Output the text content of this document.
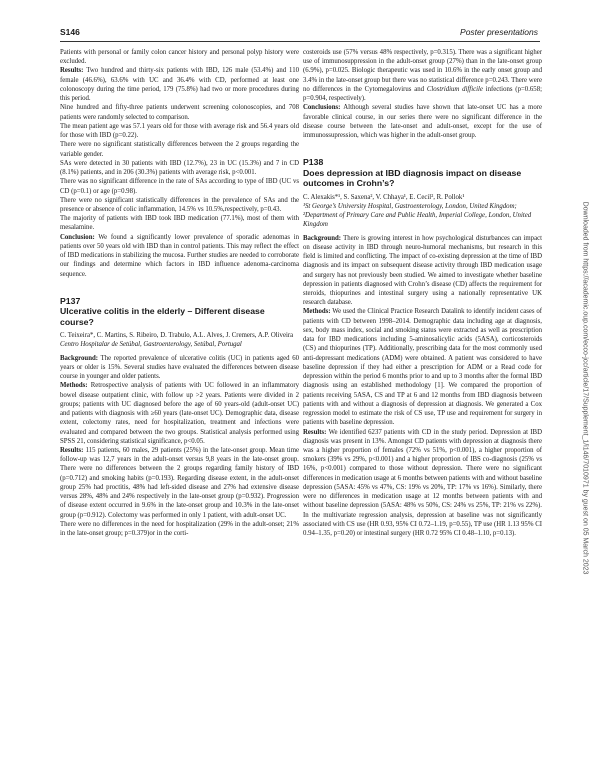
S146	Poster presentations

Patients with personal or family colon cancer history and personal polyp history were excluded.

Results: Two hundred and thirty-six patients with IBD, 126 male (53.4%) and 110 female (46.6%), 63.6% with UC and 36.4% with CD, performed at least one colonoscopy during the time period, 179 (75.8%) had two or more procedures during this period.

Nine hundred and fifty-three patients underwent screening colonoscopies, and 708 patients were randomly selected to comparison.

The mean patient age was 57.1 years old for those with average risk and 56.4 years old for those with IBD (p=0.22).

There were no significant statistically differences between the 2 groups regarding the variable gender.

SAs were detected in 30 patients with IBD (12.7%), 23 in UC (15.3%) and 7 in CD (8.1%) patients, and in 206 (30.3%) patients with average risk, p<0.001.

There was no significant difference in the rate of SAs according to type of IBD (UC vs CD (p=0.1) or age (p=0.98).

There were no significant statistically differences in the prevalence of SAs and the presence or absence of colic inflammation, 14.5% vs 10.5%,respectively, p=0.43.

The majority of patients with IBD took IBD medication (77.1%), most of them with mesalamine.

Conclusion: We found a significantly lower prevalence of sporadic adenomas in patients over 50 years old with IBD than in control patients. This may reflect the effect of IBD medications in stabilizing the mucosa. Further studies are needed to corroborate our findings and determine which factors in IBD influence adenoma-carcinoma sequence.

P137

Ulcerative colitis in the elderly – Different disease course?

C. Teixeira*, C. Martins, S. Ribeiro, D. Trabulo, A.L. Alves, J. Cremers, A.P. Oliveira

Centro Hospitalar de Setúbal, Gastroenterology, Setúbal, Portugal

Background: The reported prevalence of ulcerative colitis (UC) in patients aged 60 years or older is 15%. Several studies have evaluated the differences between disease course in younger and older patients.

Methods: Retrospective analysis of patients with UC followed in an inflammatory bowel disease outpatient clinic, with follow up >2 years. Patients were divided in 2 groups; patients with UC diagnosed before the age of 60 years-old (adult-onset UC) and patients with diagnosis with ≥60 years (late-onset UC). Demographic data, disease extent, colectomy rates, need for hospitalization, treatment and infections were evaluated and compared between the two groups. Statistical analysis performed using SPSS 21, considering statistical significance, p<0.05.

Results: 115 patients, 60 males, 29 patients (25%) in the late-onset group. Mean time follow-up was 12,7 years in the adult-onset versus 9,8 years in the late-onset group. There were no differences between the 2 groups regarding family history of IBD (p=0.712) and smoking habits (p=0.193). Regarding disease extent, in the adult-onset group 25% had proctitis, 48% had left-sided disease and 27% had extensive disease versus 28%, 48% and 24% respectively in the late-onset group (p=0.932). Progression of disease extent occurred in 9.6% in the late-onset group and 10.3% in the late-onset group (p=0.912). Colectomy was performed in only 1 patient, with adult-onset UC.

There were no differences in the need for hospitalization (29% in the adult-onset; 21% in the late-onset group; p=0.379)or in the corti-

costeroids use (57% versus 48% respectively, p=0.315). There was a significant higher use of immunosuppression in the adult-onset group (27%) than in the late-onset group (6.9%), p=0.025. Biologic therapeutic was used in 10.6% in the early onset group and 3.4% in the late-onset group but there was no statistical difference p=0.243. There were no differences in the Cytomegalovirus and Clostridium difficile infections (p=0.658; p=0.904, respectively).

Conclusions: Although several studies have shown that late-onset UC has a more favorable clinical course, in our series there were no significant difference in the disease course between the late-onset and adult-onset, except for the use of immunossupression, which was higher in the adult-onset group.

P138

Does depression at IBD diagnosis impact on disease outcomes in Crohn’s?

C. Alexakis*¹, S. Saxena², V. Chhaya¹, E. Cecil², R. Pollok¹

¹St George’s University Hospital, Gastroenterology, London, United Kingdom; ²Department of Primary Care and Public Health, Imperial College, London, United Kingdom

Background: There is growing interest in how psychological disturbances can impact on disease activity in IBD through neuro-humoral mechanisms, but research in this field is limited and conflicting. The impact of co-existing depression at the time of IBD diagnosis and its impact on subsequent disease activity through IBD medication usage and surgery has not previously been studied. We aimed to investigate whether baseline depression in patients diagnosed with Crohn’s disease (CD) affects the requirement for steroids, thiopurines and intestinal surgery using a nationally representative UK research database.

Methods: We used the Clinical Practice Research Datalink to identify incident cases of patients with CD between 1998–2014. Demographic data including age at diagnosis, sex, body mass index, social and smoking status were extracted as well as prescription data for IBD medications including 5-aminosalicylic acids (5ASA), corticosteroids (CS) and thiopurines (TP). Additionally, prescribing data for the most commonly used anti-depressant medications (ADM) were obtained. A patient was considered to have baseline depression if they had either a prescription for ADM or a Read code for depression within the period 6 months prior to and up to 3 months after the formal IBD diagnosis using an established methodology [1]. We compared the proportion of patients receiving 5ASA, CS and TP at 6 and 12 months from IBD diagnosis between patients with and without a diagnosis of depression at diagnosis. We generated a Cox regression model to estimate the risk of CS use, TP use and requirement for surgery in patients with baseline depression.

Results: We identified 6237 patients with CD in the study period. Depression at IBD diagnosis was present in 13%. Amongst CD patients with depression at diagnosis there was a higher proportion of females (72% vs 51%, p<0.001), a higher proportion of smokers (39% vs 29%, p<0.001) and a higher proportion of IBS co-diagnosis (25% vs 16%, p<0.001) compared to those without depression. There were no significant differences in medication usage at 6 months between patients with and without baseline depression (5ASA: 45% vs 47%, CS: 19% vs 20%, TP: 17% vs 16%). Similarly, there were no differences in medication usage at 12 months between patients with and without baseline depression (5ASA: 48% vs 50%, CS: 24% vs 25%, TP: 21% vs 22%). In the multivariate regression analysis, depression at baseline was not significantly associated with CS use (HR 0.93, 95% CI 0.72–1.19, p=0.55), TP use (HR 1.13 95% CI 0.94–1.35, p=0.20) or intestinal surgery (HR 0.72 95% CI 0.48–1.10, p=0.13).	Downloaded from https://academic.oup.com/ecco-jcc/article/17/Supplement_1/i146/7010971 by guest on 05 March 2023
